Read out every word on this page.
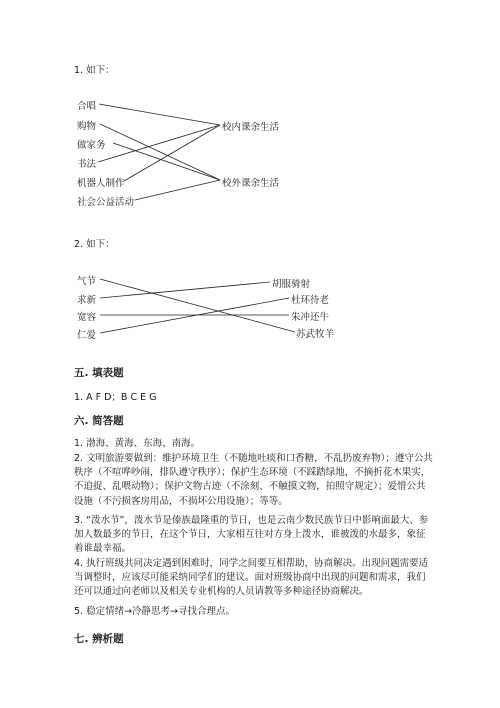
1. 如下：
合唱
购物
做家务
书法
机器人制作
社会公益活动
校内课余生活
校外课余生活
2. 如下：
气节
求新
宽容
仁爱
胡服骑射
杜环待老
朱冲还牛
苏武牧羊
五. 填表题
1. A F D；B C E G
六. 简答题
1. 渤海、黄海、东海、南海。
2. 文明旅游要做到：维护环境卫生（不随地吐痰和口香糖，不乱扔废弃物）；遵守公共秩序（不喧哗吵闹，排队遵守秩序）；保护生态环境（不踩踏绿地，不摘折花木果实，不追捉、乱喂动物）；保护文物古迹（不涂刻、不触摸文物，拍照守规定）；爱惜公共设施（不污损客房用品，不损坏公用设施）；等等。
3. “泼水节”，泼水节是傣族最隆重的节日，也是云南少数民族节日中影响面最大、参加人数最多的节日，在这个节日，大家相互往对方身上泼水，谁被泼的水最多，象征着谁最幸福。
4. 执行班级共同决定遇到困难时，同学之间要互相帮助，协商解决。出现问题需要适当调整时，应该尽可能采纳同学们的建议。面对班级协商中出现的问题和需求，我们还可以通过向老师以及相关专业机构的人员请教等多种途径协商解决。
5. 稳定情绪→冷静思考→寻找合理点。
七. 辨析题
